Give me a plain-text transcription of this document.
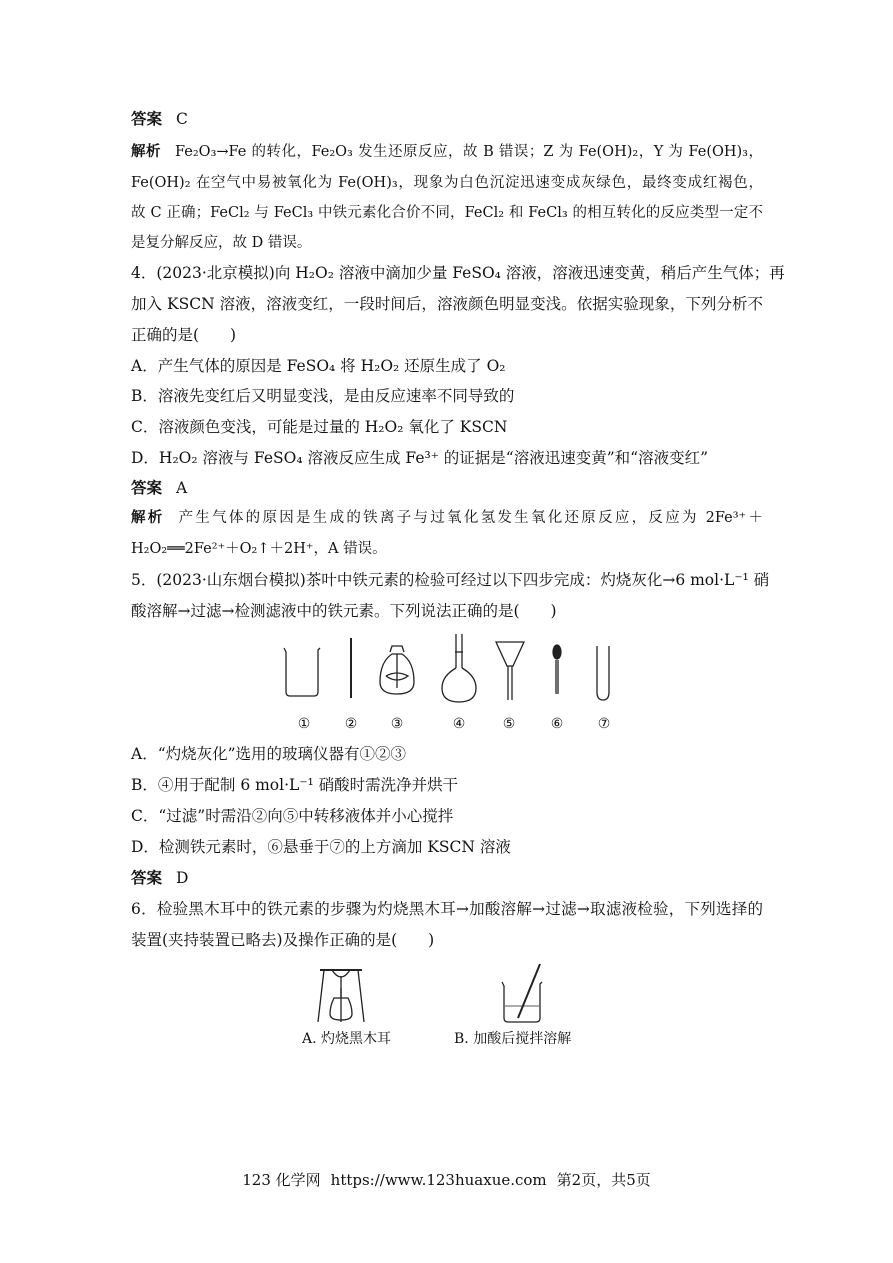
答案 C
解析 Fe₂O₃→Fe 的转化，Fe₂O₃ 发生还原反应，故 B 错误；Z 为 Fe(OH)₂，Y 为 Fe(OH)₃，
Fe(OH)₂ 在空气中易被氧化为 Fe(OH)₃，现象为白色沉淀迅速变成灰绿色，最终变成红褐色，
故 C 正确；FeCl₂ 与 FeCl₃ 中铁元素化合价不同，FeCl₂ 和 FeCl₃ 的相互转化的反应类型一定不
是复分解反应，故 D 错误。
4．(2023·北京模拟)向 H₂O₂ 溶液中滴加少量 FeSO₄ 溶液，溶液迅速变黄，稍后产生气体；再
加入 KSCN 溶液，溶液变红，一段时间后，溶液颜色明显变浅。依据实验现象，下列分析不
正确的是(　　)
A．产生气体的原因是 FeSO₄ 将 H₂O₂ 还原生成了 O₂
B．溶液先变红后又明显变浅，是由反应速率不同导致的
C．溶液颜色变浅，可能是过量的 H₂O₂ 氧化了 KSCN
D．H₂O₂ 溶液与 FeSO₄ 溶液反应生成 Fe³⁺ 的证据是“溶液迅速变黄”和“溶液变红”
答案 A
解析 产生气体的原因是生成的铁离子与过氧化氢发生氧化还原反应，反应为 2Fe³⁺＋
H₂O₂══2Fe²⁺＋O₂↑＋2H⁺，A 错误。
5．(2023·山东烟台模拟)茶叶中铁元素的检验可经过以下四步完成：灼烧灰化→6 mol·L⁻¹ 硝
酸溶解→过滤→检测滤液中的铁元素。下列说法正确的是(　　)
①	②	③	④	⑤	⑥	⑦
A．“灼烧灰化”选用的玻璃仪器有①②③
B．④用于配制 6 mol·L⁻¹ 硝酸时需洗净并烘干
C．“过滤”时需沿②向⑤中转移液体并小心搅拌
D．检测铁元素时，⑥悬垂于⑦的上方滴加 KSCN 溶液
答案 D
6．检验黑木耳中的铁元素的步骤为灼烧黑木耳→加酸溶解→过滤→取滤液检验，下列选择的
装置(夹持装置已略去)及操作正确的是(　　)
A. 灼烧黑木耳	B. 加酸后搅拌溶解
123 化学网 https://www.123huaxue.com 第2页，共5页
